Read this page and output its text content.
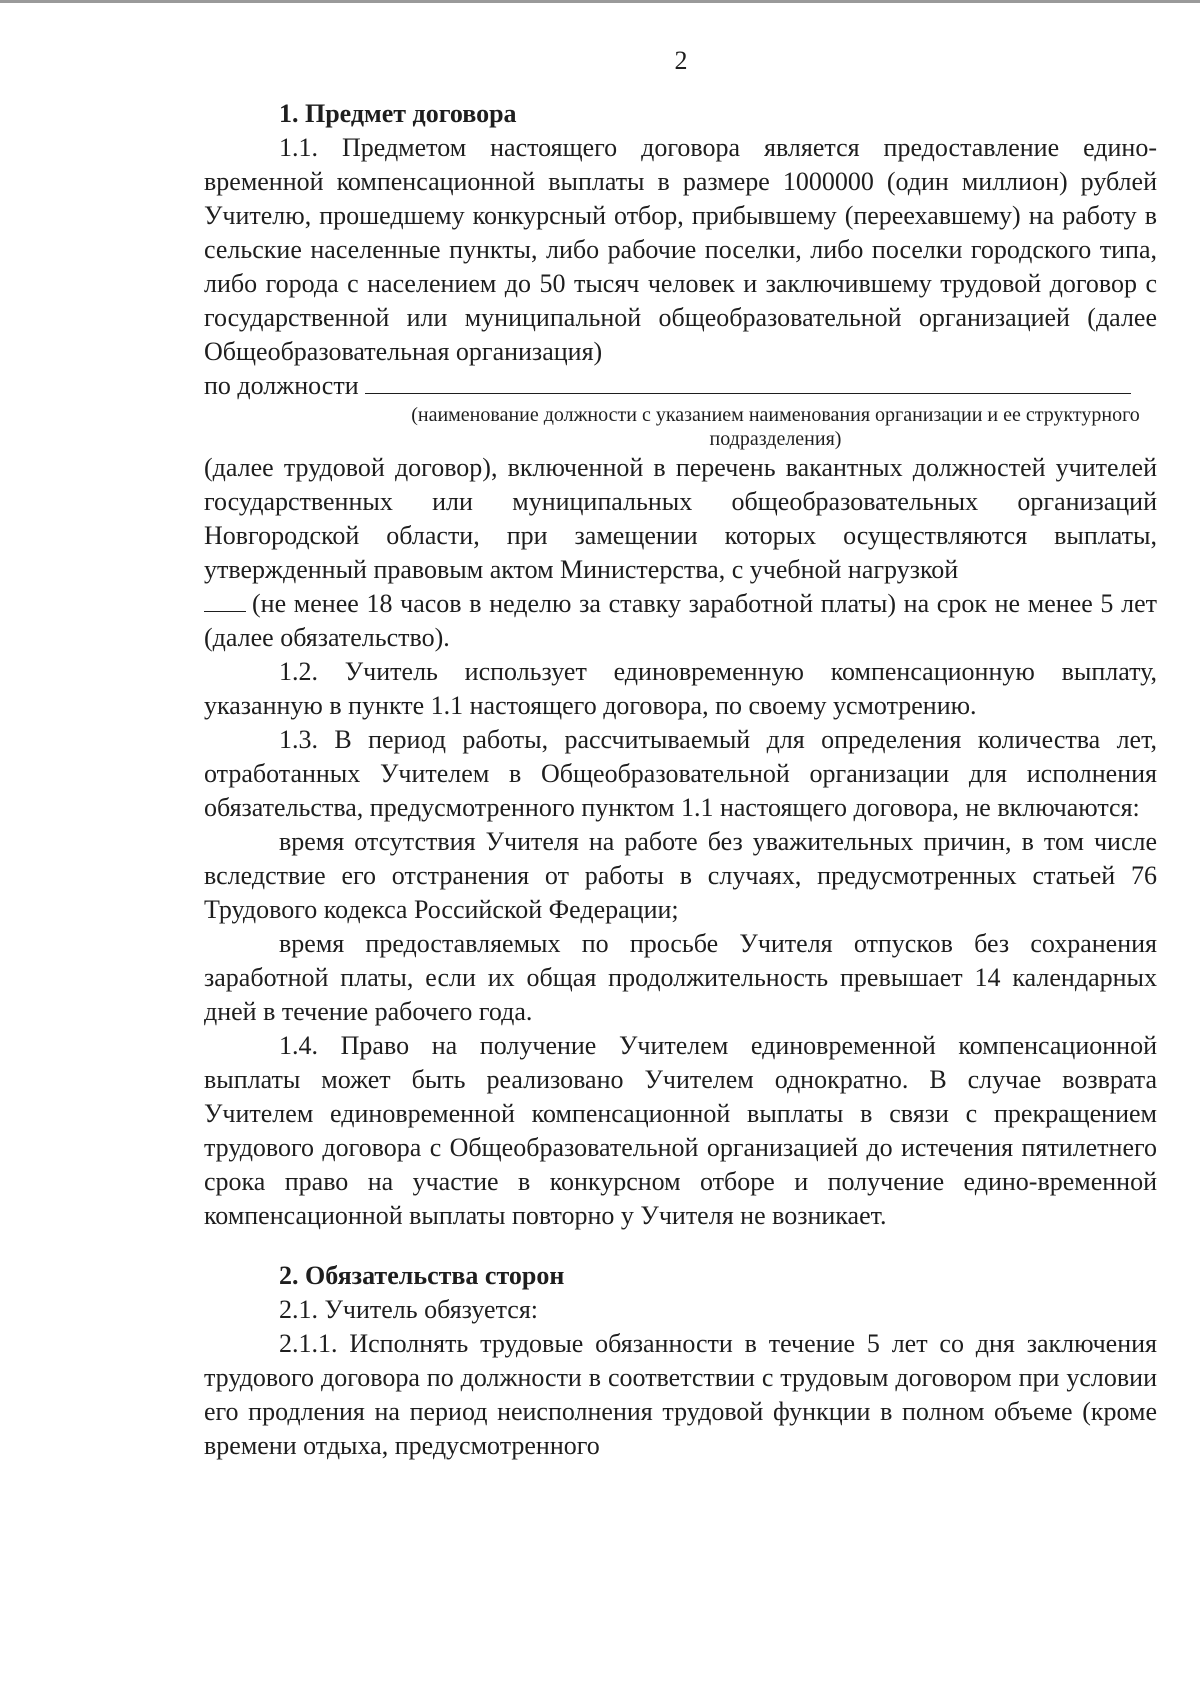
2

1. Предмет договора

1.1. Предметом настоящего договора является предоставление едино-временной компенсационной выплаты в размере 1000000 (один миллион) рублей Учителю, прошедшему конкурсный отбор, прибывшему (переехавшему) на работу в сельские населенные пункты, либо рабочие поселки, либо поселки городского типа, либо города с населением до 50 тысяч человек и заключившему трудовой договор с государственной или муниципальной общеобразовательной организацией (далее Общеобразовательная организация)

по должности

(наименование должности с указанием наименования организации и ее структурного подразделения)

(далее трудовой договор), включенной в перечень вакантных должностей учителей государственных или муниципальных общеобразовательных организаций Новгородской области, при замещении которых осуществляются выплаты, утвержденный правовым актом Министерства, с учебной нагрузкой

(не менее 18 часов в неделю за ставку заработной платы) на срок не менее 5 лет (далее обязательство).

1.2. Учитель использует единовременную компенсационную выплату, указанную в пункте 1.1 настоящего договора, по своему усмотрению.

1.3. В период работы, рассчитываемый для определения количества лет, отработанных Учителем в Общеобразовательной организации для исполнения обязательства, предусмотренного пунктом 1.1 настоящего договора, не включаются:

время отсутствия Учителя на работе без уважительных причин, в том числе вследствие его отстранения от работы в случаях, предусмотренных статьей 76 Трудового кодекса Российской Федерации;

время предоставляемых по просьбе Учителя отпусков без сохранения заработной платы, если их общая продолжительность превышает 14 календарных дней в течение рабочего года.

1.4. Право на получение Учителем единовременной компенсационной выплаты может быть реализовано Учителем однократно. В случае возврата Учителем единовременной компенсационной выплаты в связи с прекращением трудового договора с Общеобразовательной организацией до истечения пятилетнего срока право на участие в конкурсном отборе и получение едино-временной компенсационной выплаты повторно у Учителя не возникает.

2. Обязательства сторон

2.1. Учитель обязуется:

2.1.1. Исполнять трудовые обязанности в течение 5 лет со дня заключения трудового договора по должности в соответствии с трудовым договором при условии его продления на период неисполнения трудовой функции в полном объеме (кроме времени отдыха, предусмотренного
